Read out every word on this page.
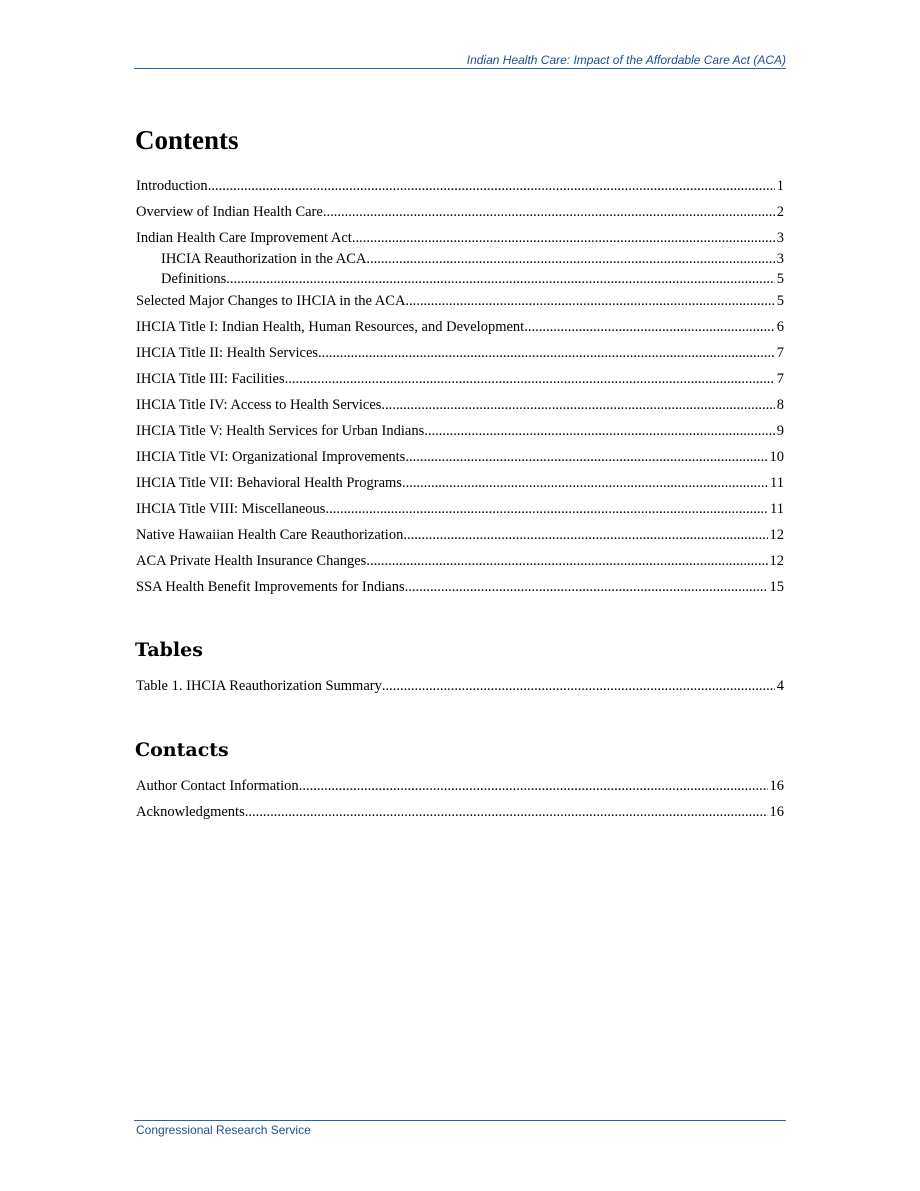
Indian Health Care: Impact of the Affordable Care Act (ACA)
Contents
Introduction .....	1
Overview of Indian Health Care .....	2
Indian Health Care Improvement Act .....	3
IHCIA Reauthorization in the ACA .....	3
Definitions .....	5
Selected Major Changes to IHCIA in the ACA .....	5
IHCIA Title I: Indian Health, Human Resources, and Development .....	6
IHCIA Title II: Health Services .....	7
IHCIA Title III: Facilities .....	7
IHCIA Title IV: Access to Health Services .....	8
IHCIA Title V: Health Services for Urban Indians .....	9
IHCIA Title VI: Organizational Improvements .....	10
IHCIA Title VII: Behavioral Health Programs .....	11
IHCIA Title VIII: Miscellaneous .....	11
Native Hawaiian Health Care Reauthorization .....	12
ACA Private Health Insurance Changes .....	12
SSA Health Benefit Improvements for Indians .....	15
Tables
Table 1. IHCIA Reauthorization Summary .....	4
Contacts
Author Contact Information .....	16
Acknowledgments .....	16
Congressional Research Service
